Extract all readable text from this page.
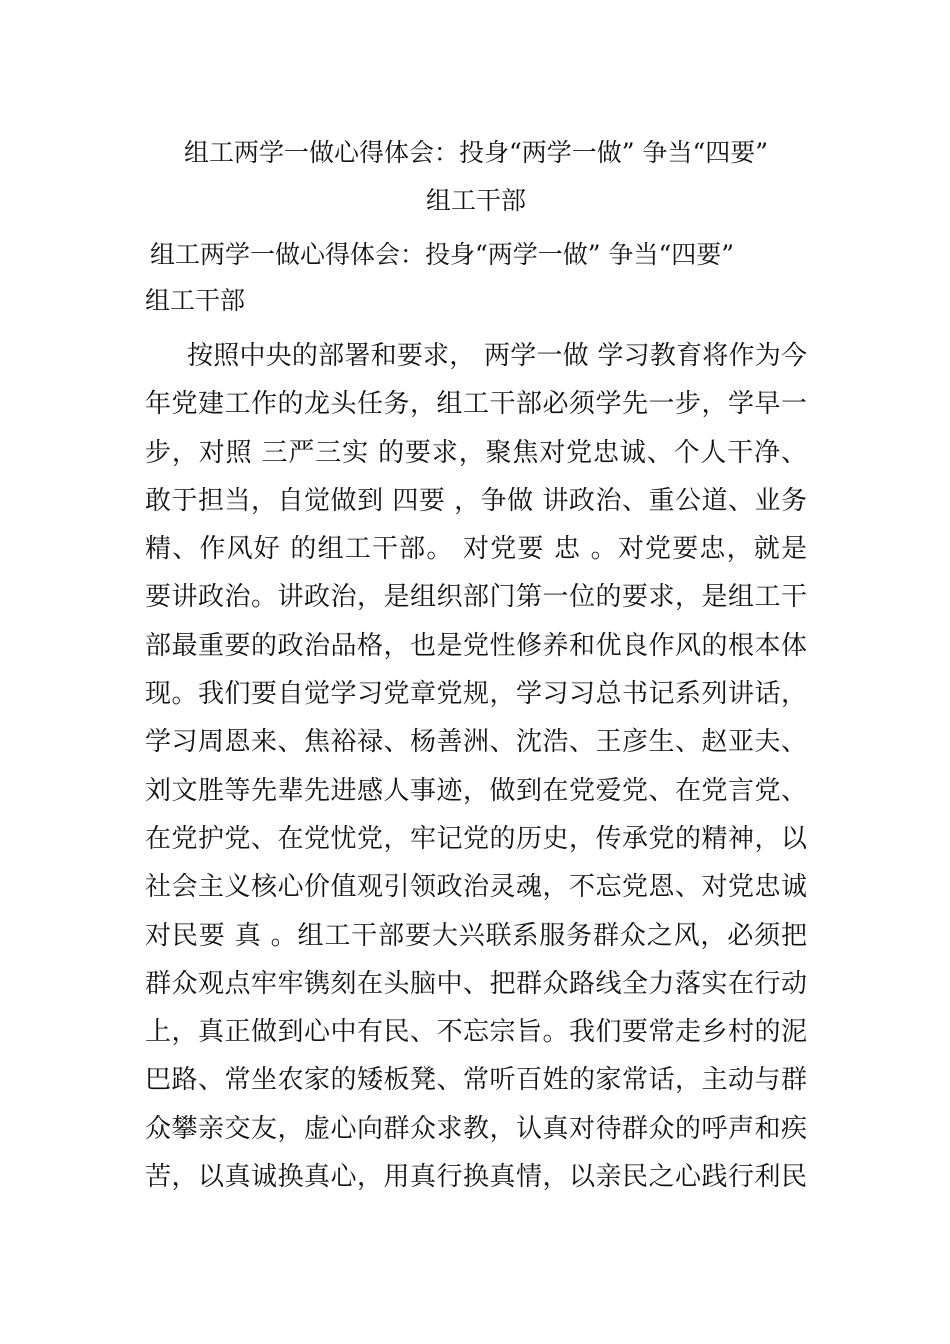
组工两学一做心得体会：投身“两学一做” 争当“四要”
组工干部
组工两学一做心得体会：投身“两学一做” 争当“四要”
组工干部
按照中央的部署和要求， 两学一做 学习教育将作为今
年党建工作的龙头任务，组工干部必须学先一步，学早一
步，对照 三严三实 的要求，聚焦对党忠诚、个人干净、
敢于担当，自觉做到 四要 ，争做 讲政治、重公道、业务
精、作风好 的组工干部。 对党要 忠 。对党要忠，就是
要讲政治。讲政治，是组织部门第一位的要求，是组工干
部最重要的政治品格，也是党性修养和优良作风的根本体
现。我们要自觉学习党章党规，学习习总书记系列讲话，
学习周恩来、焦裕禄、杨善洲、沈浩、王彦生、赵亚夫、
刘文胜等先辈先进感人事迹，做到在党爱党、在党言党、
在党护党、在党忧党，牢记党的历史，传承党的精神，以
社会主义核心价值观引领政治灵魂，不忘党恩、对党忠诚
对民要 真 。组工干部要大兴联系服务群众之风，必须把
群众观点牢牢镌刻在头脑中、把群众路线全力落实在行动
上，真正做到心中有民、不忘宗旨。我们要常走乡村的泥
巴路、常坐农家的矮板凳、常听百姓的家常话，主动与群
众攀亲交友，虚心向群众求教，认真对待群众的呼声和疾
苦，以真诚换真心，用真行换真情，以亲民之心践行利民
